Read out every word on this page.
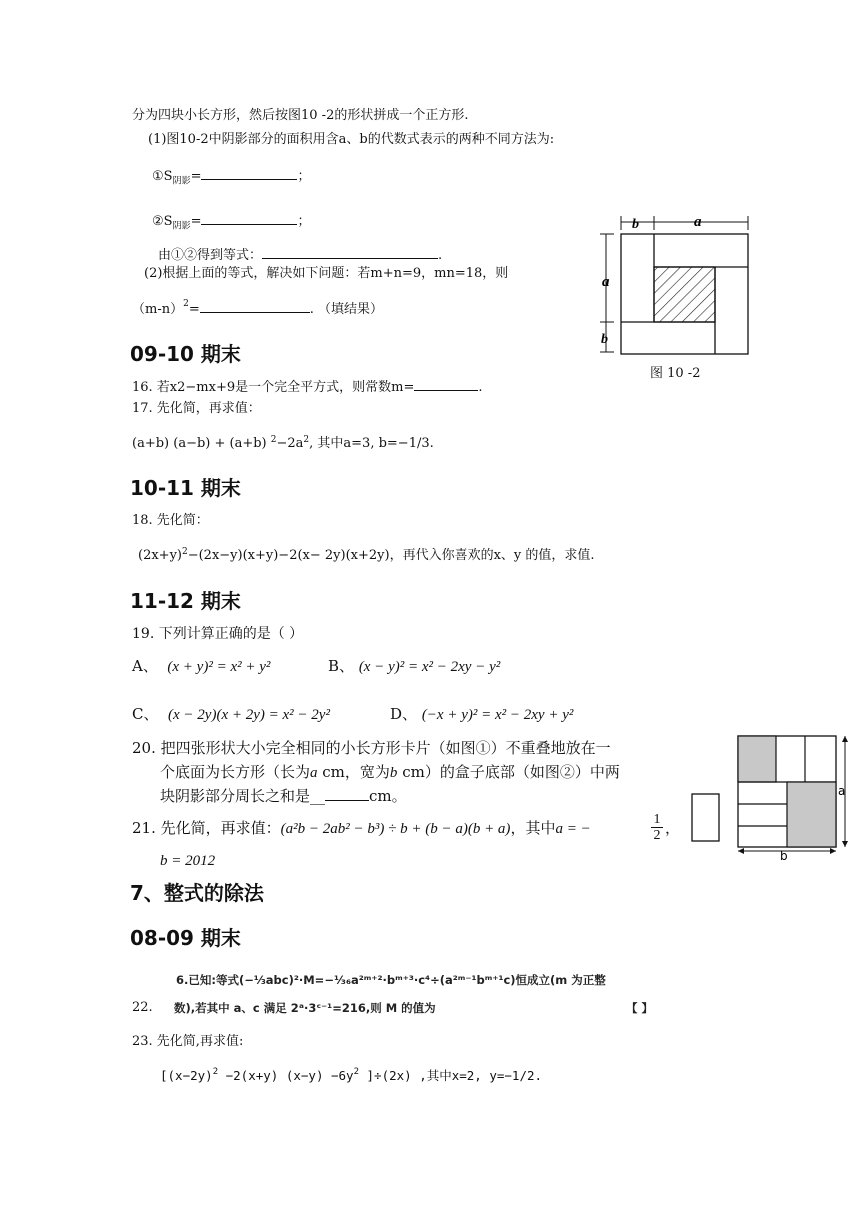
分为四块小长方形，然后按图10 -2的形状拼成一个正方形.
(1)图10-2中阴影部分的面积用含a、b的代数式表示的两种不同方法为:
$①S_{阴影}=$	；
$②S_{阴影}=$	；
由①②得到等式：	.
(2)根据上面的等式，解决如下问题：若m+n=9，mn=18，则
$(m-n)^2=$	. （填结果）
b	a
a
b
图 10 -2
09-10 期末
16. 若x2−mx+9是一个完全平方式，则常数m=	.
17. 先化简，再求值：
(a+b) (a−b) + (a+b) $^2-2a^2$, 其中a=3, b=−1/3.
10-11 期末
18. 先化简：
$(2x+y)^2-(2x-y)(x+y)-2(x- 2y)(x+2y)$，再代入你喜欢的x、y 的值，求值.
11-12 期末
19. 下列计算正确的是（ ）
A、 (x + y)² = x² + y²	B、 (x − y)² = x² − 2xy − y²
C、 (x − 2y)(x + 2y) = x² − 2y²	D、 (−x + y)² = x² − 2xy + y²
20. 把四张形状大小完全相同的小长方形卡片（如图①）不重叠地放在一
个底面为长方形（长为a cm，宽为b cm）的盒子底部（如图②）中两
块阴影部分周长之和是__	cm。
21. 先化简，再求值：(a²b − 2ab² − b³) ÷ b + (b − a)(b + a)，其中a = −	$\frac{1}{2}$ ，
b = 2012
a
b
7、整式的除法
08-09 期末
6.已知:等式(−⅓abc)²·M=−¹⁄₃₆a²ᵐ⁺²·bᵐ⁺³·c⁴÷(a²ᵐ⁻¹bᵐ⁺¹c)恒成立(m 为正整
22. 数),若其中 a、c 满足 2ᵃ·3ᶜ⁻¹=216,则 M 的值为	【 】
23. 先化简,再求值:
[$(x-2y)^2 -2(x+y)$ $(x-y) -6y^2$ ]÷(2x) ,其中x=2, y=−1/2.
